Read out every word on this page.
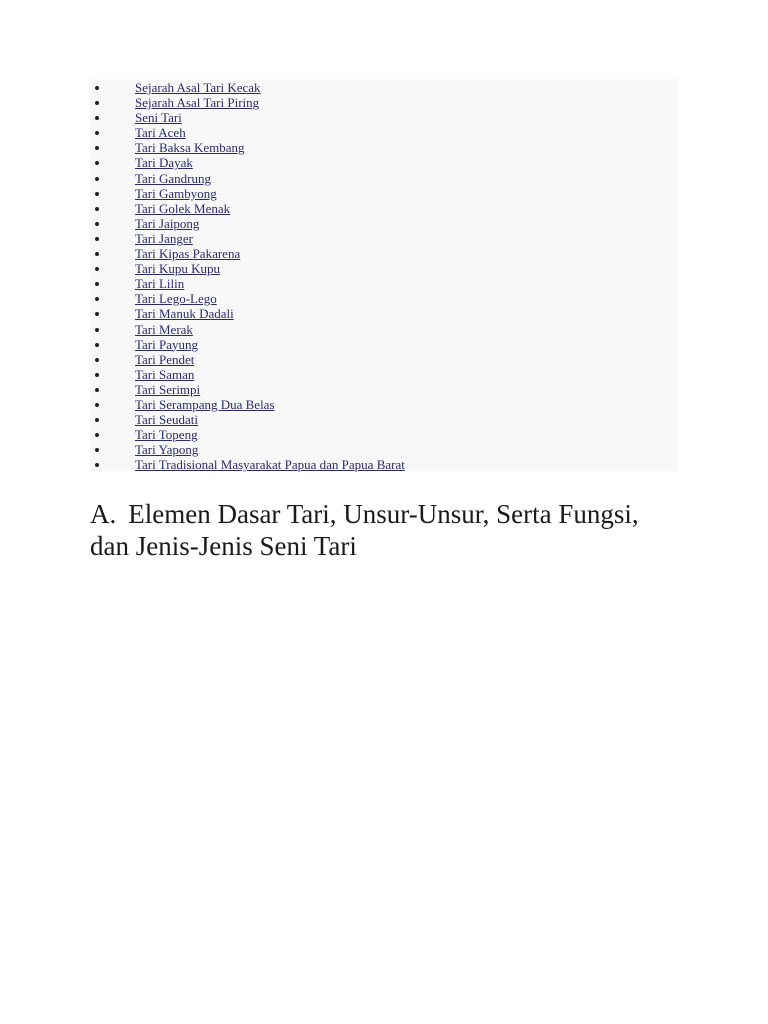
Sejarah Asal Tari Kecak
Sejarah Asal Tari Piring
Seni Tari
Tari Aceh
Tari Baksa Kembang
Tari Dayak
Tari Gandrung
Tari Gambyong
Tari Golek Menak
Tari Jaipong
Tari Janger
Tari Kipas Pakarena
Tari Kupu Kupu
Tari Lilin
Tari Lego-Lego
Tari Manuk Dadali
Tari Merak
Tari Payung
Tari Pendet
Tari Saman
Tari Serimpi
Tari Serampang Dua Belas
Tari Seudati
Tari Topeng
Tari Yapong
Tari Tradisional Masyarakat Papua dan Papua Barat
A. Elemen Dasar Tari, Unsur-Unsur, Serta Fungsi, dan Jenis-Jenis Seni Tari
